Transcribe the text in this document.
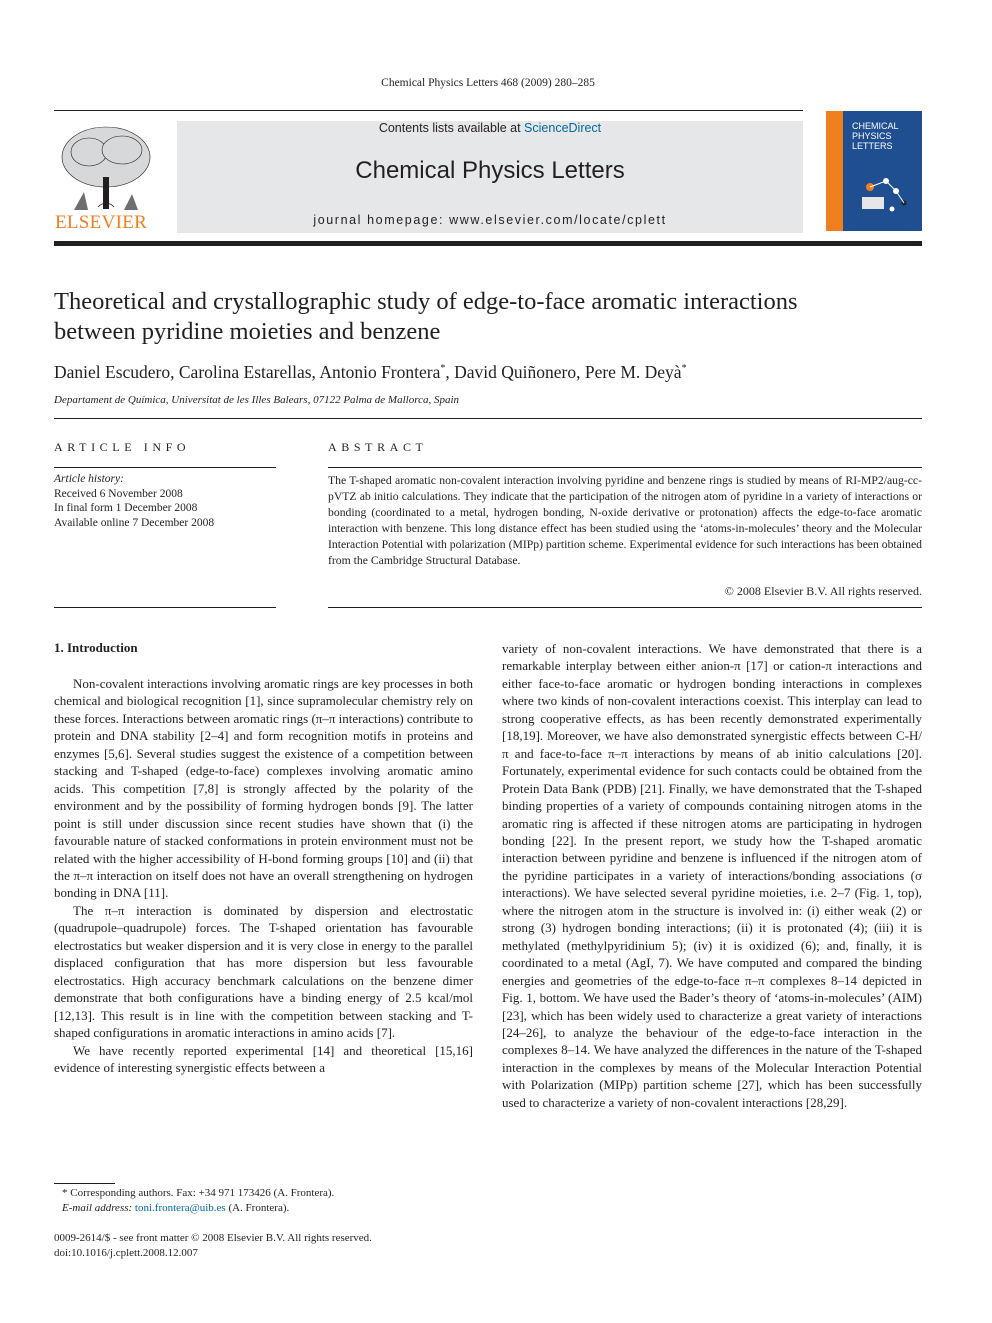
Chemical Physics Letters 468 (2009) 280–285
ELSEVIER
Contents lists available at ScienceDirect
Chemical Physics Letters
journal homepage: www.elsevier.com/locate/cplett
CHEMICAL
PHYSICS
LETTERS
Theoretical and crystallographic study of edge-to-face aromatic interactions
between pyridine moieties and benzene
Daniel Escudero, Carolina Estarellas, Antonio Frontera*, David Quiñonero, Pere M. Deyà*
Departament de Química, Universitat de les Illes Balears, 07122 Palma de Mallorca, Spain
ARTICLE INFO	ABSTRACT
Article history:
Received 6 November 2008
In final form 1 December 2008
Available online 7 December 2008
The T-shaped aromatic non-covalent interaction involving pyridine and benzene rings is studied by means of RI-MP2/aug-cc-pVTZ ab initio calculations. They indicate that the participation of the nitrogen atom of pyridine in a variety of interactions or bonding (coordinated to a metal, hydrogen bonding, N-oxide derivative or protonation) affects the edge-to-face aromatic interaction with benzene. This long distance effect has been studied using the ‘atoms-in-molecules’ theory and the Molecular Interaction Potential with polarization (MIPp) partition scheme. Experimental evidence for such interactions has been obtained from the Cambridge Structural Database.
© 2008 Elsevier B.V. All rights reserved.
1. Introduction

Non-covalent interactions involving aromatic rings are key processes in both chemical and biological recognition [1], since supramolecular chemistry rely on these forces. Interactions between aromatic rings (π–π interactions) contribute to protein and DNA stability [2–4] and form recognition motifs in proteins and enzymes [5,6]. Several studies suggest the existence of a competition between stacking and T-shaped (edge-to-face) complexes involving aromatic amino acids. This competition [7,8] is strongly affected by the polarity of the environment and by the possibility of forming hydrogen bonds [9]. The latter point is still under discussion since recent studies have shown that (i) the favourable nature of stacked conformations in protein environment must not be related with the higher accessibility of H-bond forming groups [10] and (ii) that the π–π interaction on itself does not have an overall strengthening on hydrogen bonding in DNA [11].

The π–π interaction is dominated by dispersion and electrostatic (quadrupole–quadrupole) forces. The T-shaped orientation has favourable electrostatics but weaker dispersion and it is very close in energy to the parallel displaced configuration that has more dispersion but less favourable electrostatics. High accuracy benchmark calculations on the benzene dimer demonstrate that both configurations have a binding energy of 2.5 kcal/mol [12,13]. This result is in line with the competition between stacking and T-shaped configurations in aromatic interactions in amino acids [7].

We have recently reported experimental [14] and theoretical [15,16] evidence of interesting synergistic effects between a

variety of non-covalent interactions. We have demonstrated that there is a remarkable interplay between either anion-π [17] or cation-π interactions and either face-to-face aromatic or hydrogen bonding interactions in complexes where two kinds of non-covalent interactions coexist. This interplay can lead to strong cooperative effects, as has been recently demonstrated experimentally [18,19]. Moreover, we have also demonstrated synergistic effects between C-H/π and face-to-face π–π interactions by means of ab initio calculations [20]. Fortunately, experimental evidence for such contacts could be obtained from the Protein Data Bank (PDB) [21]. Finally, we have demonstrated that the T-shaped binding properties of a variety of compounds containing nitrogen atoms in the aromatic ring is affected if these nitrogen atoms are participating in hydrogen bonding [22]. In the present report, we study how the T-shaped aromatic interaction between pyridine and benzene is influenced if the nitrogen atom of the pyridine participates in a variety of interactions/bonding associations (σ interactions). We have selected several pyridine moieties, i.e. 2–7 (Fig. 1, top), where the nitrogen atom in the structure is involved in: (i) either weak (2) or strong (3) hydrogen bonding interactions; (ii) it is protonated (4); (iii) it is methylated (methylpyridinium 5); (iv) it is oxidized (6); and, finally, it is coordinated to a metal (AgI, 7). We have computed and compared the binding energies and geometries of the edge-to-face π–π complexes 8–14 depicted in Fig. 1, bottom. We have used the Bader’s theory of ‘atoms-in-molecules’ (AIM) [23], which has been widely used to characterize a great variety of interactions [24–26], to analyze the behaviour of the edge-to-face interaction in the complexes 8–14. We have analyzed the differences in the nature of the T-shaped interaction in the complexes by means of the Molecular Interaction Potential with Polarization (MIPp) partition scheme [27], which has been successfully used to characterize a variety of non-covalent interactions [28,29].

* Corresponding authors. Fax: +34 971 173426 (A. Frontera).
E-mail address: toni.frontera@uib.es (A. Frontera).
0009-2614/$ - see front matter © 2008 Elsevier B.V. All rights reserved.
doi:10.1016/j.cplett.2008.12.007
